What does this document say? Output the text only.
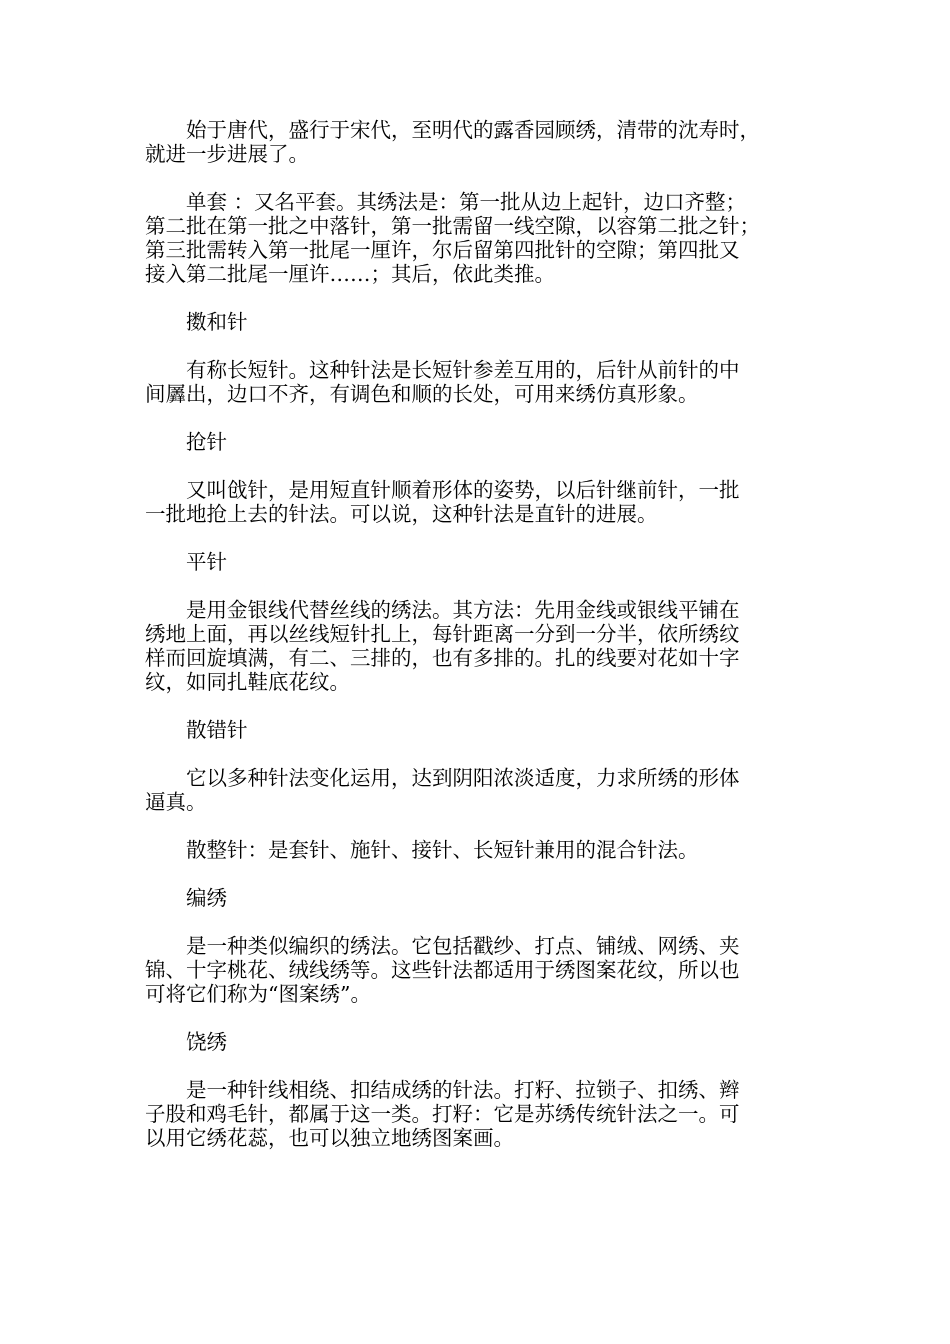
始于唐代，盛行于宋代，至明代的露香园顾绣，清带的沈寿时，
就进一步进展了。

单套 ：又名平套。其绣法是：第一批从边上起针，边口齐整；
第二批在第一批之中落针，第一批需留一线空隙，以容第二批之针；
第三批需转入第一批尾一厘许，尔后留第四批针的空隙；第四批又
接入第二批尾一厘许……；其后，依此类推。

擞和针

有称长短针。这种针法是长短针参差互用的，后针从前针的中
间羼出，边口不齐，有调色和顺的长处，可用来绣仿真形象。

抢针

又叫戗针，是用短直针顺着形体的姿势，以后针继前针，一批
一批地抢上去的针法。可以说，这种针法是直针的进展。

平针

是用金银线代替丝线的绣法。其方法：先用金线或银线平铺在
绣地上面，再以丝线短针扎上，每针距离一分到一分半，依所绣纹
样而回旋填满，有二、三排的，也有多排的。扎的线要对花如十字
纹，如同扎鞋底花纹。

散错针

它以多种针法变化运用，达到阴阳浓淡适度，力求所绣的形体
逼真。

散整针：是套针、施针、接针、长短针兼用的混合针法。

编绣

是一种类似编织的绣法。它包括戳纱、打点、铺绒、网绣、夹
锦、十字桃花、绒线绣等。这些针法都适用于绣图案花纹，所以也
可将它们称为“图案绣”。

饶绣

是一种针线相绕、扣结成绣的针法。打籽、拉锁子、扣绣、辫
子股和鸡毛针，都属于这一类。打籽：它是苏绣传统针法之一。可
以用它绣花蕊，也可以独立地绣图案画。
